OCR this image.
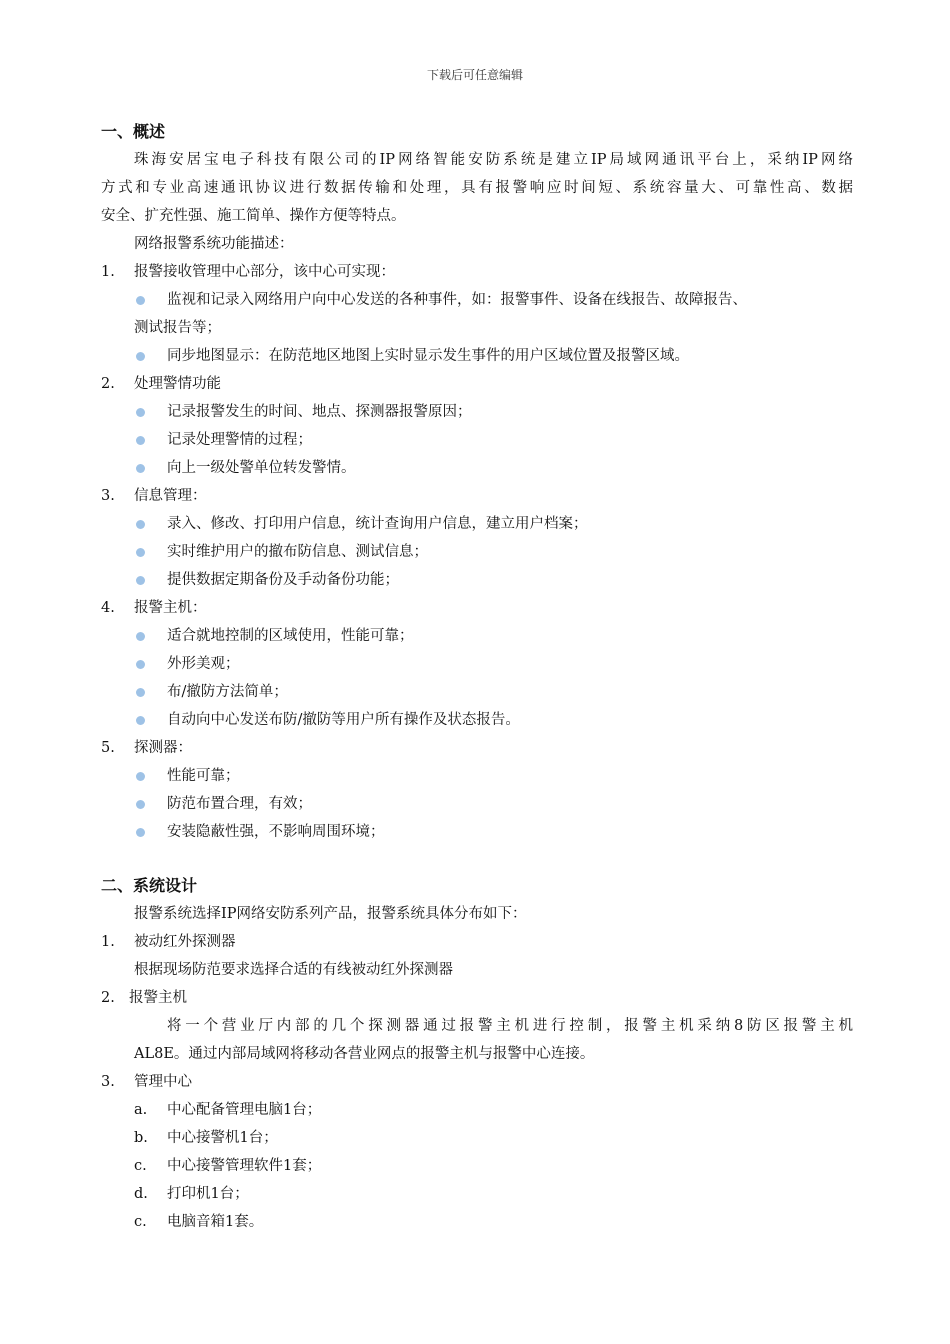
下载后可任意编辑
一、概述
珠海安居宝电子科技有限公司的IP网络智能安防系统是建立IP局域网通讯平台上，采纳IP网络
方式和专业高速通讯协议进行数据传输和处理，具有报警响应时间短、系统容量大、可靠性高、数据
安全、扩充性强、施工简单、操作方便等特点。
网络报警系统功能描述：
1. 报警接收管理中心部分，该中心可实现：
监视和记录入网络用户向中心发送的各种事件，如：报警事件、设备在线报告、故障报告、
测试报告等；
同步地图显示：在防范地区地图上实时显示发生事件的用户区域位置及报警区域。
2. 处理警情功能
记录报警发生的时间、地点、探测器报警原因；
记录处理警情的过程；
向上一级处警单位转发警情。
3. 信息管理：
录入、修改、打印用户信息，统计查询用户信息，建立用户档案；
实时维护用户的撤布防信息、测试信息；
提供数据定期备份及手动备份功能；
4. 报警主机：
适合就地控制的区域使用，性能可靠；
外形美观；
布/撤防方法简单；
自动向中心发送布防/撤防等用户所有操作及状态报告。
5. 探测器：
性能可靠；
防范布置合理，有效；
安装隐蔽性强，不影响周围环境；
二、系统设计
报警系统选择IP网络安防系列产品，报警系统具体分布如下：
1. 被动红外探测器
根据现场防范要求选择合适的有线被动红外探测器
2. 报警主机
将一个营业厅内部的几个探测器通过报警主机进行控制，报警主机采纳8防区报警主机
AL8E。通过内部局域网将移动各营业网点的报警主机与报警中心连接。
3. 管理中心
a. 中心配备管理电脑1台；
b. 中心接警机1台；
c. 中心接警管理软件1套；
d. 打印机1台；
c. 电脑音箱1套。
